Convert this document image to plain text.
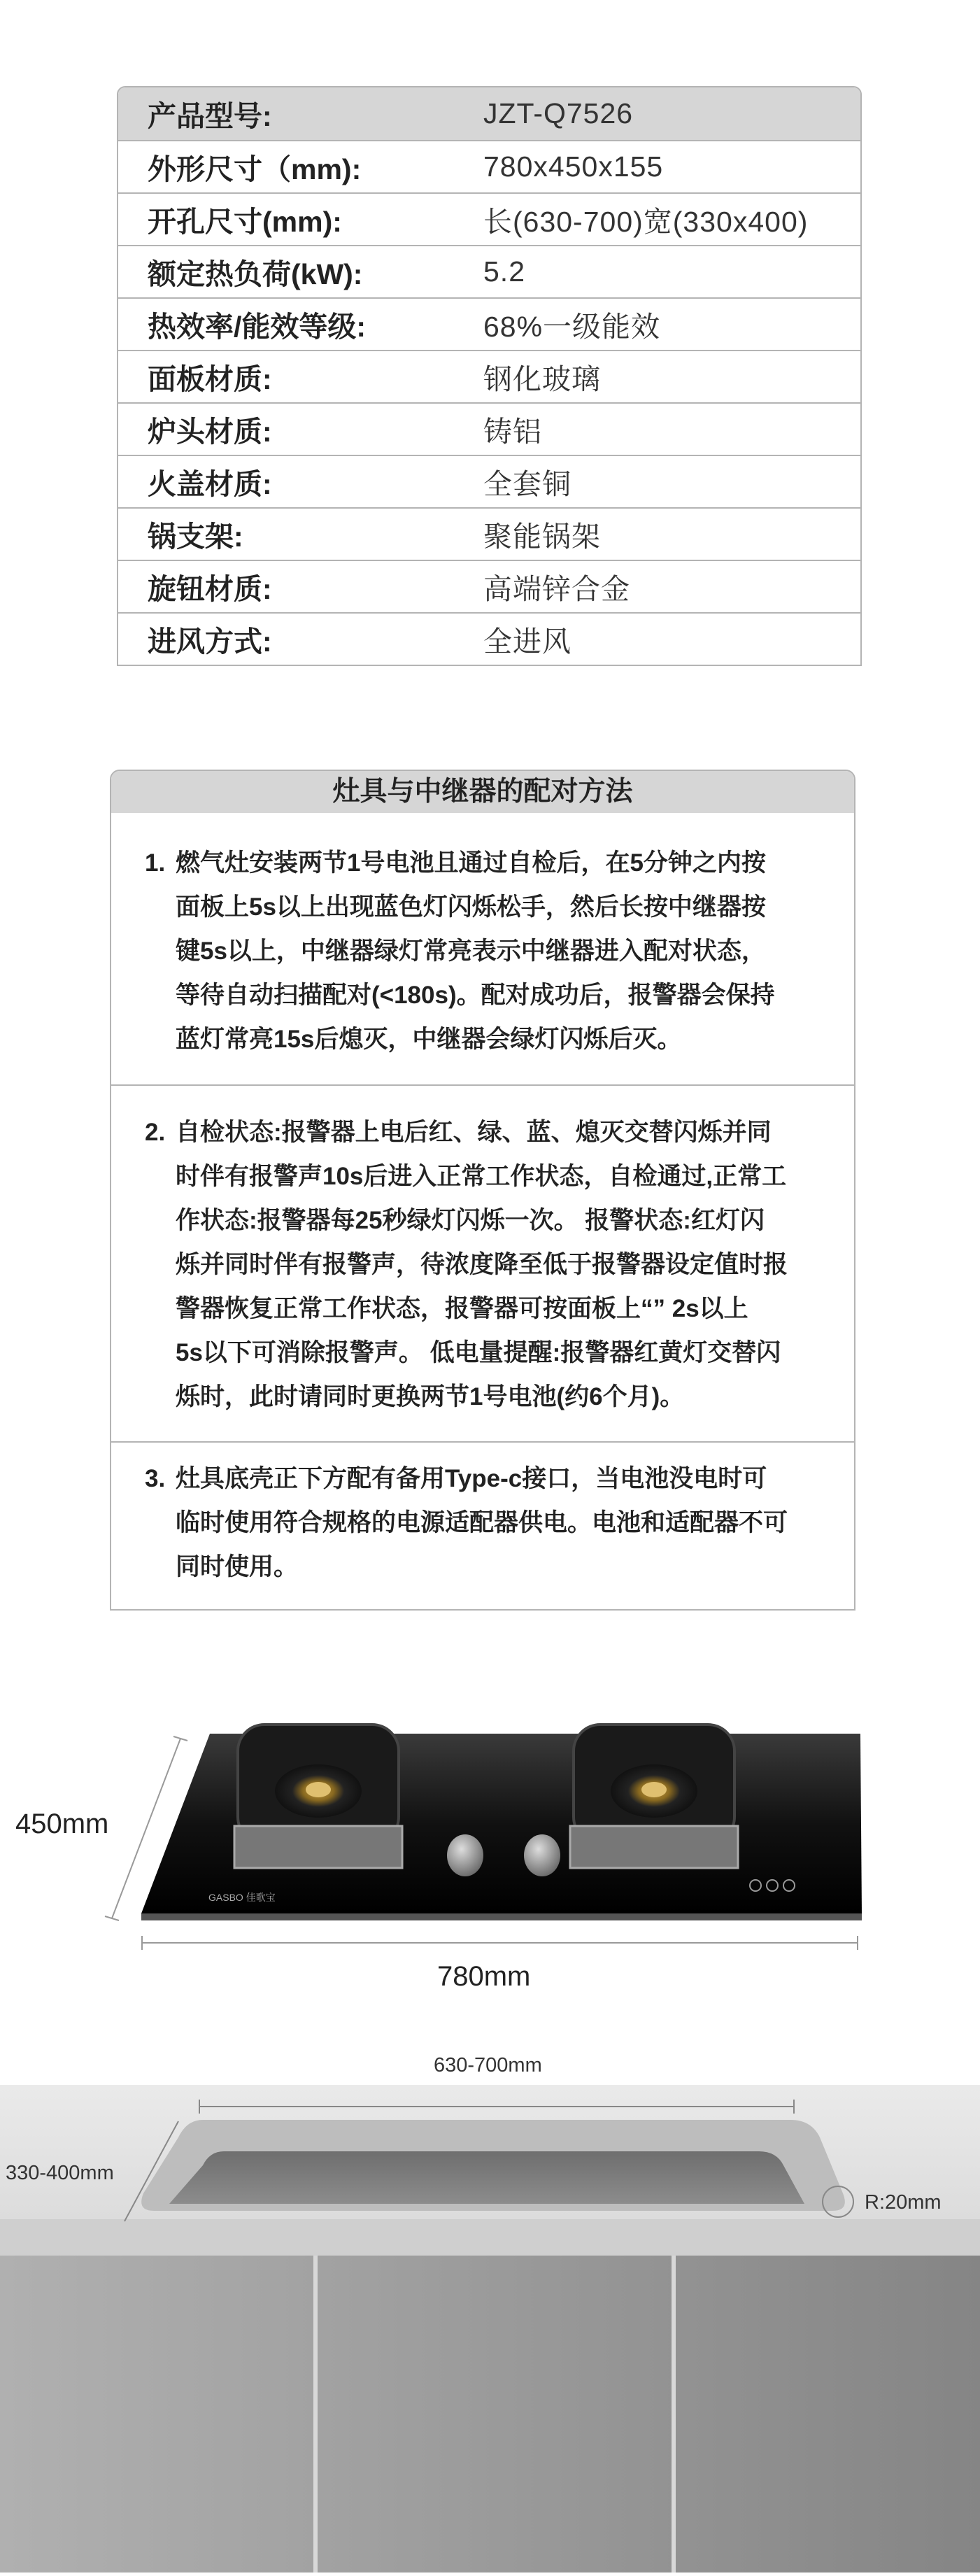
产品型号:	JZT-Q7526
外形尺寸（mm):	780x450x155
开孔尺寸(mm):	长(630-700)宽(330x400)
额定热负荷(kW):	5.2
热效率/能效等级:	68%一级能效
面板材质:	钢化玻璃
炉头材质:	铸铝
火盖材质:	全套铜
锅支架:	聚能锅架
旋钮材质:	高端锌合金
进风方式:	全进风
灶具与中继器的配对方法
1. 燃气灶安装两节1号电池且通过自检后，在5分钟之内按
面板上5s以上出现蓝色灯闪烁松手，然后长按中继器按
键5s以上，中继器绿灯常亮表示中继器进入配对状态，
等待自动扫描配对(<180s)。配对成功后，报警器会保持
蓝灯常亮15s后熄灭，中继器会绿灯闪烁后灭。
2. 自检状态:报警器上电后红、绿、蓝、熄灭交替闪烁并同
时伴有报警声10s后进入正常工作状态，自检通过,正常工
作状态:报警器每25秒绿灯闪烁一次。 报警状态:红灯闪
烁并同时伴有报警声，待浓度降至低于报警器设定值时报
警器恢复正常工作状态，报警器可按面板上“” 2s以上
5s以下可消除报警声。 低电量提醒:报警器红黄灯交替闪
烁时，此时请同时更换两节1号电池(约6个月)。
3. 灶具底壳正下方配有备用Type-c接口，当电池没电时可
临时使用符合规格的电源适配器供电。电池和适配器不可
同时使用。
GASBO 佳歌宝
450mm
780mm
630-700mm
330-400mm
R:20mm
